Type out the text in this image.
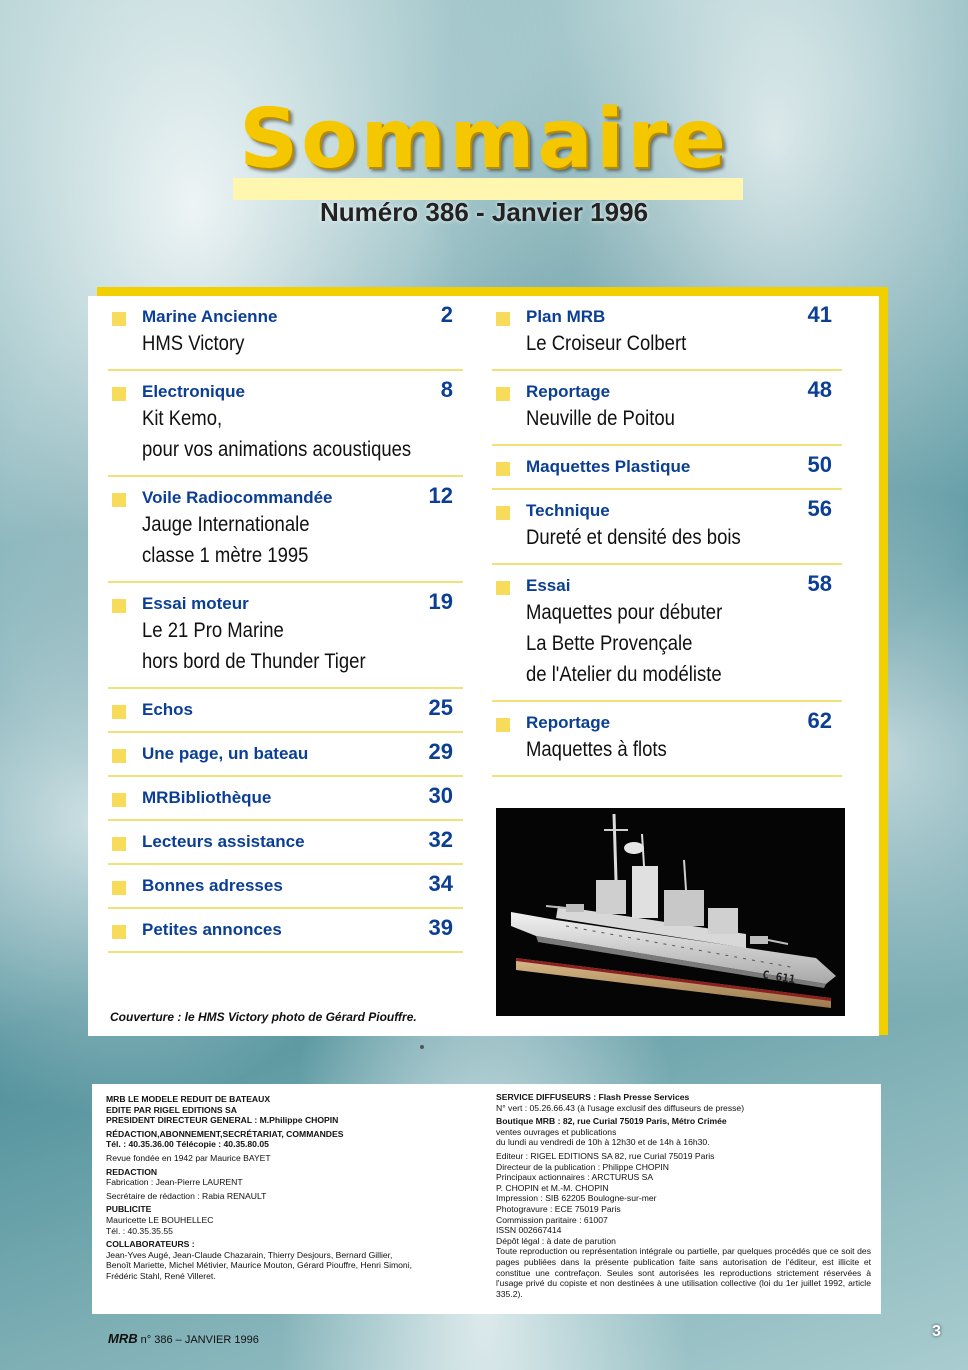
Sommaire
Numéro 386 - Janvier 1996
Marine Ancienne	2
HMS Victory
Electronique	8
Kit Kemo,
pour vos animations acoustiques
Voile Radiocommandée	12
Jauge Internationale
classe 1 mètre 1995
Essai moteur	19
Le 21 Pro Marine
hors bord de Thunder Tiger
Echos	25
Une page, un bateau	29
MRBibliothèque	30
Lecteurs assistance	32
Bonnes adresses	34
Petites annonces	39
Plan MRB	41
Le Croiseur Colbert
Reportage	48
Neuville de Poitou
Maquettes Plastique	50
Technique	56
Dureté et densité des bois
Essai	58
Maquettes pour débuter
La Bette Provençale
de l'Atelier du modéliste
Reportage	62
Maquettes à flots
C 611
Couverture : le HMS Victory photo de Gérard Piouffre.

MRB LE MODELE REDUIT DE BATEAUX

EDITE PAR RIGEL EDITIONS SA

PRESIDENT DIRECTEUR GENERAL : M.Philippe CHOPIN

RÉDACTION,ABONNEMENT,SECRÉTARIAT, COMMANDES

Tél. : 40.35.36.00 Télécopie : 40.35.80.05

Revue fondée en 1942 par Maurice BAYET

REDACTION

Fabrication : Jean-Pierre LAURENT

Secrétaire de rédaction : Rabia RENAULT

PUBLICITE

Mauricette LE BOUHELLEC

Tél. : 40.35.35.55

COLLABORATEURS :

Jean-Yves Augé, Jean-Claude Chazarain, Thierry Desjours, Bernard Gillier,

Benoît Mariette, Michel Métivier, Maurice Mouton, Gérard Piouffre, Henri Simoni,

Frédéric Stahl, René Villeret.

SERVICE DIFFUSEURS : Flash Presse Services

N° vert : 05.26.66.43 (à l'usage exclusif des diffuseurs de presse)

Boutique MRB : 82, rue Curial 75019 Paris, Métro Crimée

ventes ouvrages et publications

du lundi au vendredi de 10h à 12h30 et de 14h à 16h30.

Editeur : RIGEL EDITIONS SA 82, rue Curial 75019 Paris

Directeur de la publication : Philippe CHOPIN

Principaux actionnaires : ARCTURUS SA

P. CHOPIN et M.-M. CHOPIN

Impression : SIB 62205 Boulogne-sur-mer

Photogravure : ECE 75019 Paris

Commission paritaire : 61007

ISSN 002667414

Dépôt légal : à date de parution

Toute reproduction ou représentation intégrale ou partielle, par quelques procédés que ce soit des pages publiées dans la présente publication faite sans autorisation de l'éditeur, est illicite et constitue une contrefaçon. Seules sont autorisées les reproductions strictement réservées à l'usage privé du copiste et non destinées à une utilisation collective (loi du 1er juillet 1992, article 335.2).

MRB n° 386 – JANVIER 1996	3
